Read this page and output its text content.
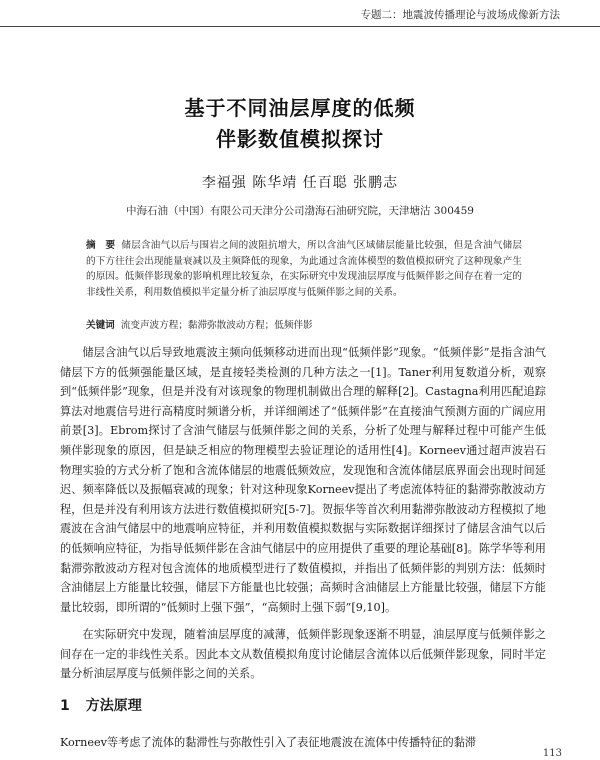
专题二：地震波传播理论与波场成像新方法
基于不同油层厚度的低频
伴影数值模拟探讨
李福强 陈华靖 任百聪 张鹏志
中海石油（中国）有限公司天津分公司渤海石油研究院，天津塘沽 300459
摘　要 储层含油气以后与围岩之间的波阻抗增大，所以含油气区域储层能量比较强，但是含油气储层的下方往往会出现能量衰减以及主频降低的现象，为此通过含流体模型的数值模拟研究了这种现象产生的原因。低频伴影现象的影响机理比较复杂，在实际研究中发现油层厚度与低频伴影之间存在着一定的非线性关系，利用数值模拟半定量分析了油层厚度与低频伴影之间的关系。
关键词 流变声波方程；黏滞弥散波动方程；低频伴影
储层含油气以后导致地震波主频向低频移动进而出现“低频伴影”现象。“低频伴影”是指含油气储层下方的低频强能量区域，是直接轻类检测的几种方法之一[1]。Taner利用复数道分析，观察到“低频伴影”现象，但是并没有对该现象的物理机制做出合理的解释[2]。Castagna利用匹配追踪算法对地震信号进行高精度时频谱分析，并详细阐述了“低频伴影”在直接油气预测方面的广阔应用前景[3]。Ebrom探讨了含油气储层与低频伴影之间的关系，分析了处理与解释过程中可能产生低频伴影现象的原因，但是缺乏相应的物理模型去验证理论的适用性[4]。Korneev通过超声波岩石物理实验的方式分析了饱和含流体储层的地震低频效应，发现饱和含流体储层底界面会出现时间延迟、频率降低以及振幅衰减的现象；针对这种现象Korneev提出了考虑流体特征的黏滞弥散波动方程，但是并没有利用该方法进行数值模拟研究[5-7]。贺振华等首次利用黏滞弥散波动方程模拟了地震波在含油气储层中的地震响应特征，并利用数值模拟数据与实际数据详细探讨了储层含油气以后的低频响应特征，为指导低频伴影在含油气储层中的应用提供了重要的理论基础[8]。陈学华等利用黏滞弥散波动方程对包含流体的地质模型进行了数值模拟，并指出了低频伴影的判别方法：低频时含油储层上方能量比较强，储层下方能量也比较强；高频时含油储层上方能量比较强，储层下方能量比较弱，即所谓的“低频时上强下强”，“高频时上强下弱”[9,10]。
在实际研究中发现，随着油层厚度的减薄，低频伴影现象逐渐不明显，油层厚度与低频伴影之间存在一定的非线性关系。因此本文从数值模拟角度讨论储层含流体以后低频伴影现象，同时半定量分析油层厚度与低频伴影之间的关系。
1 方法原理
Korneev等考虑了流体的黏滞性与弥散性引入了表征地震波在流体中传播特征的黏滞
113
